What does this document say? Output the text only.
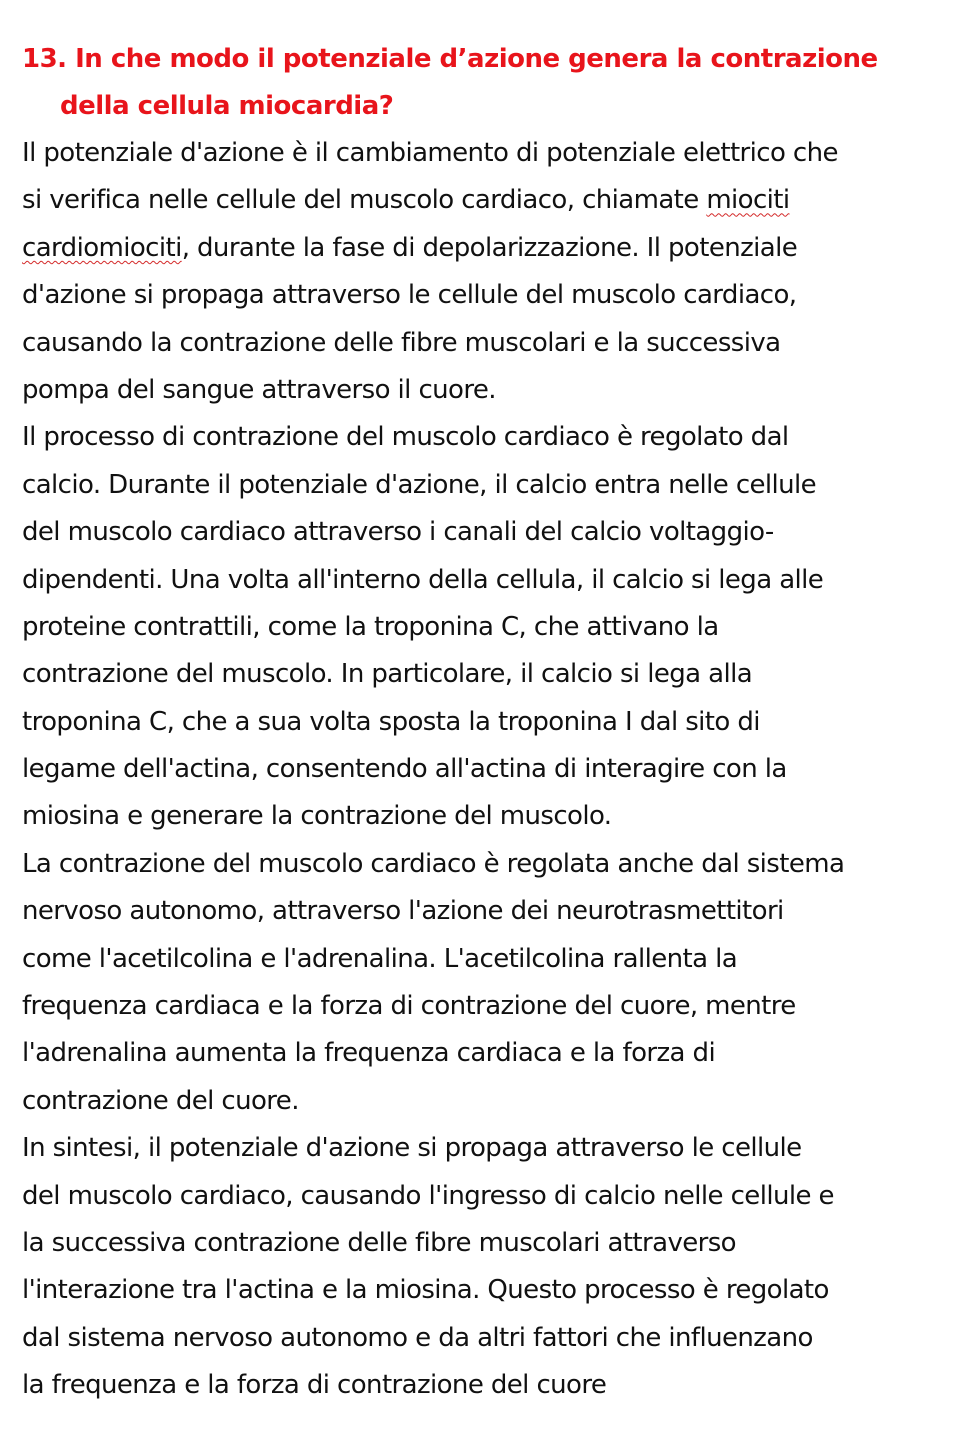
13. In che modo il potenziale d’azione genera la contrazione
della cellula miocardia?
Il potenziale d'azione è il cambiamento di potenziale elettrico che
si verifica nelle cellule del muscolo cardiaco, chiamate miociti
cardiomiociti, durante la fase di depolarizzazione. Il potenziale
d'azione si propaga attraverso le cellule del muscolo cardiaco,
causando la contrazione delle fibre muscolari e la successiva
pompa del sangue attraverso il cuore.
Il processo di contrazione del muscolo cardiaco è regolato dal
calcio. Durante il potenziale d'azione, il calcio entra nelle cellule
del muscolo cardiaco attraverso i canali del calcio voltaggio-
dipendenti. Una volta all'interno della cellula, il calcio si lega alle
proteine contrattili, come la troponina C, che attivano la
contrazione del muscolo. In particolare, il calcio si lega alla
troponina C, che a sua volta sposta la troponina I dal sito di
legame dell'actina, consentendo all'actina di interagire con la
miosina e generare la contrazione del muscolo.
La contrazione del muscolo cardiaco è regolata anche dal sistema
nervoso autonomo, attraverso l'azione dei neurotrasmettitori
come l'acetilcolina e l'adrenalina. L'acetilcolina rallenta la
frequenza cardiaca e la forza di contrazione del cuore, mentre
l'adrenalina aumenta la frequenza cardiaca e la forza di
contrazione del cuore.
In sintesi, il potenziale d'azione si propaga attraverso le cellule
del muscolo cardiaco, causando l'ingresso di calcio nelle cellule e
la successiva contrazione delle fibre muscolari attraverso
l'interazione tra l'actina e la miosina. Questo processo è regolato
dal sistema nervoso autonomo e da altri fattori che influenzano
la frequenza e la forza di contrazione del cuore
